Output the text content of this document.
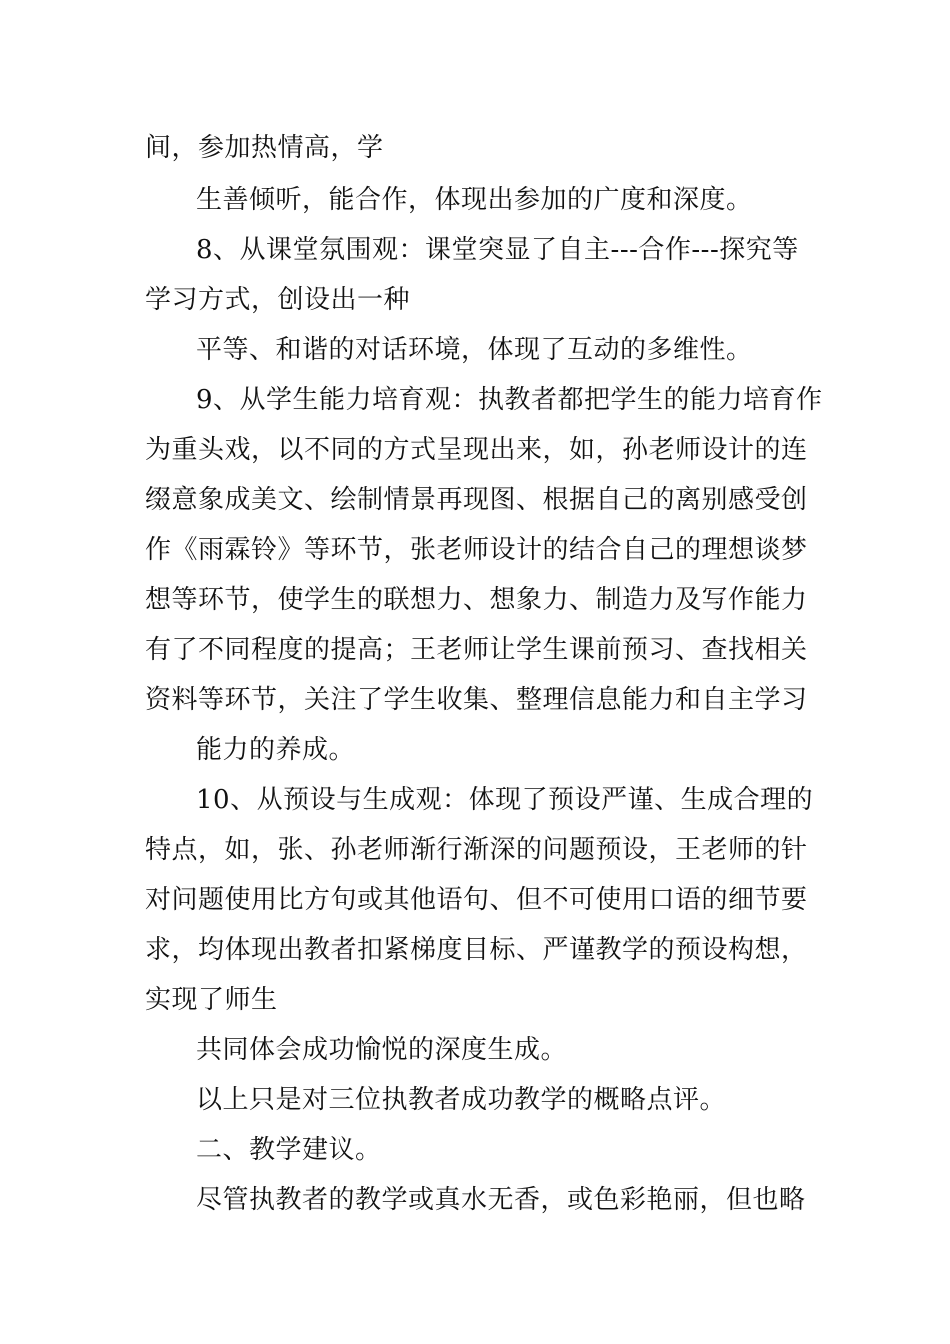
间，参加热情高，学
生善倾听，能合作，体现出参加的广度和深度。
8、从课堂氛围观：课堂突显了自主---合作---探究等
学习方式，创设出一种
平等、和谐的对话环境，体现了互动的多维性。
9、从学生能力培育观：执教者都把学生的能力培育作
为重头戏，以不同的方式呈现出来，如，孙老师设计的连
缀意象成美文、绘制情景再现图、根据自己的离别感受创
作《雨霖铃》等环节，张老师设计的结合自己的理想谈梦
想等环节，使学生的联想力、想象力、制造力及写作能力
有了不同程度的提高；王老师让学生课前预习、查找相关
资料等环节，关注了学生收集、整理信息能力和自主学习
能力的养成。
10、从预设与生成观：体现了预设严谨、生成合理的
特点，如，张、孙老师渐行渐深的问题预设，王老师的针
对问题使用比方句或其他语句、但不可使用口语的细节要
求，均体现出教者扣紧梯度目标、严谨教学的预设构想，
实现了师生
共同体会成功愉悦的深度生成。
以上只是对三位执教者成功教学的概略点评。
二、教学建议。
尽管执教者的教学或真水无香，或色彩艳丽，但也略
